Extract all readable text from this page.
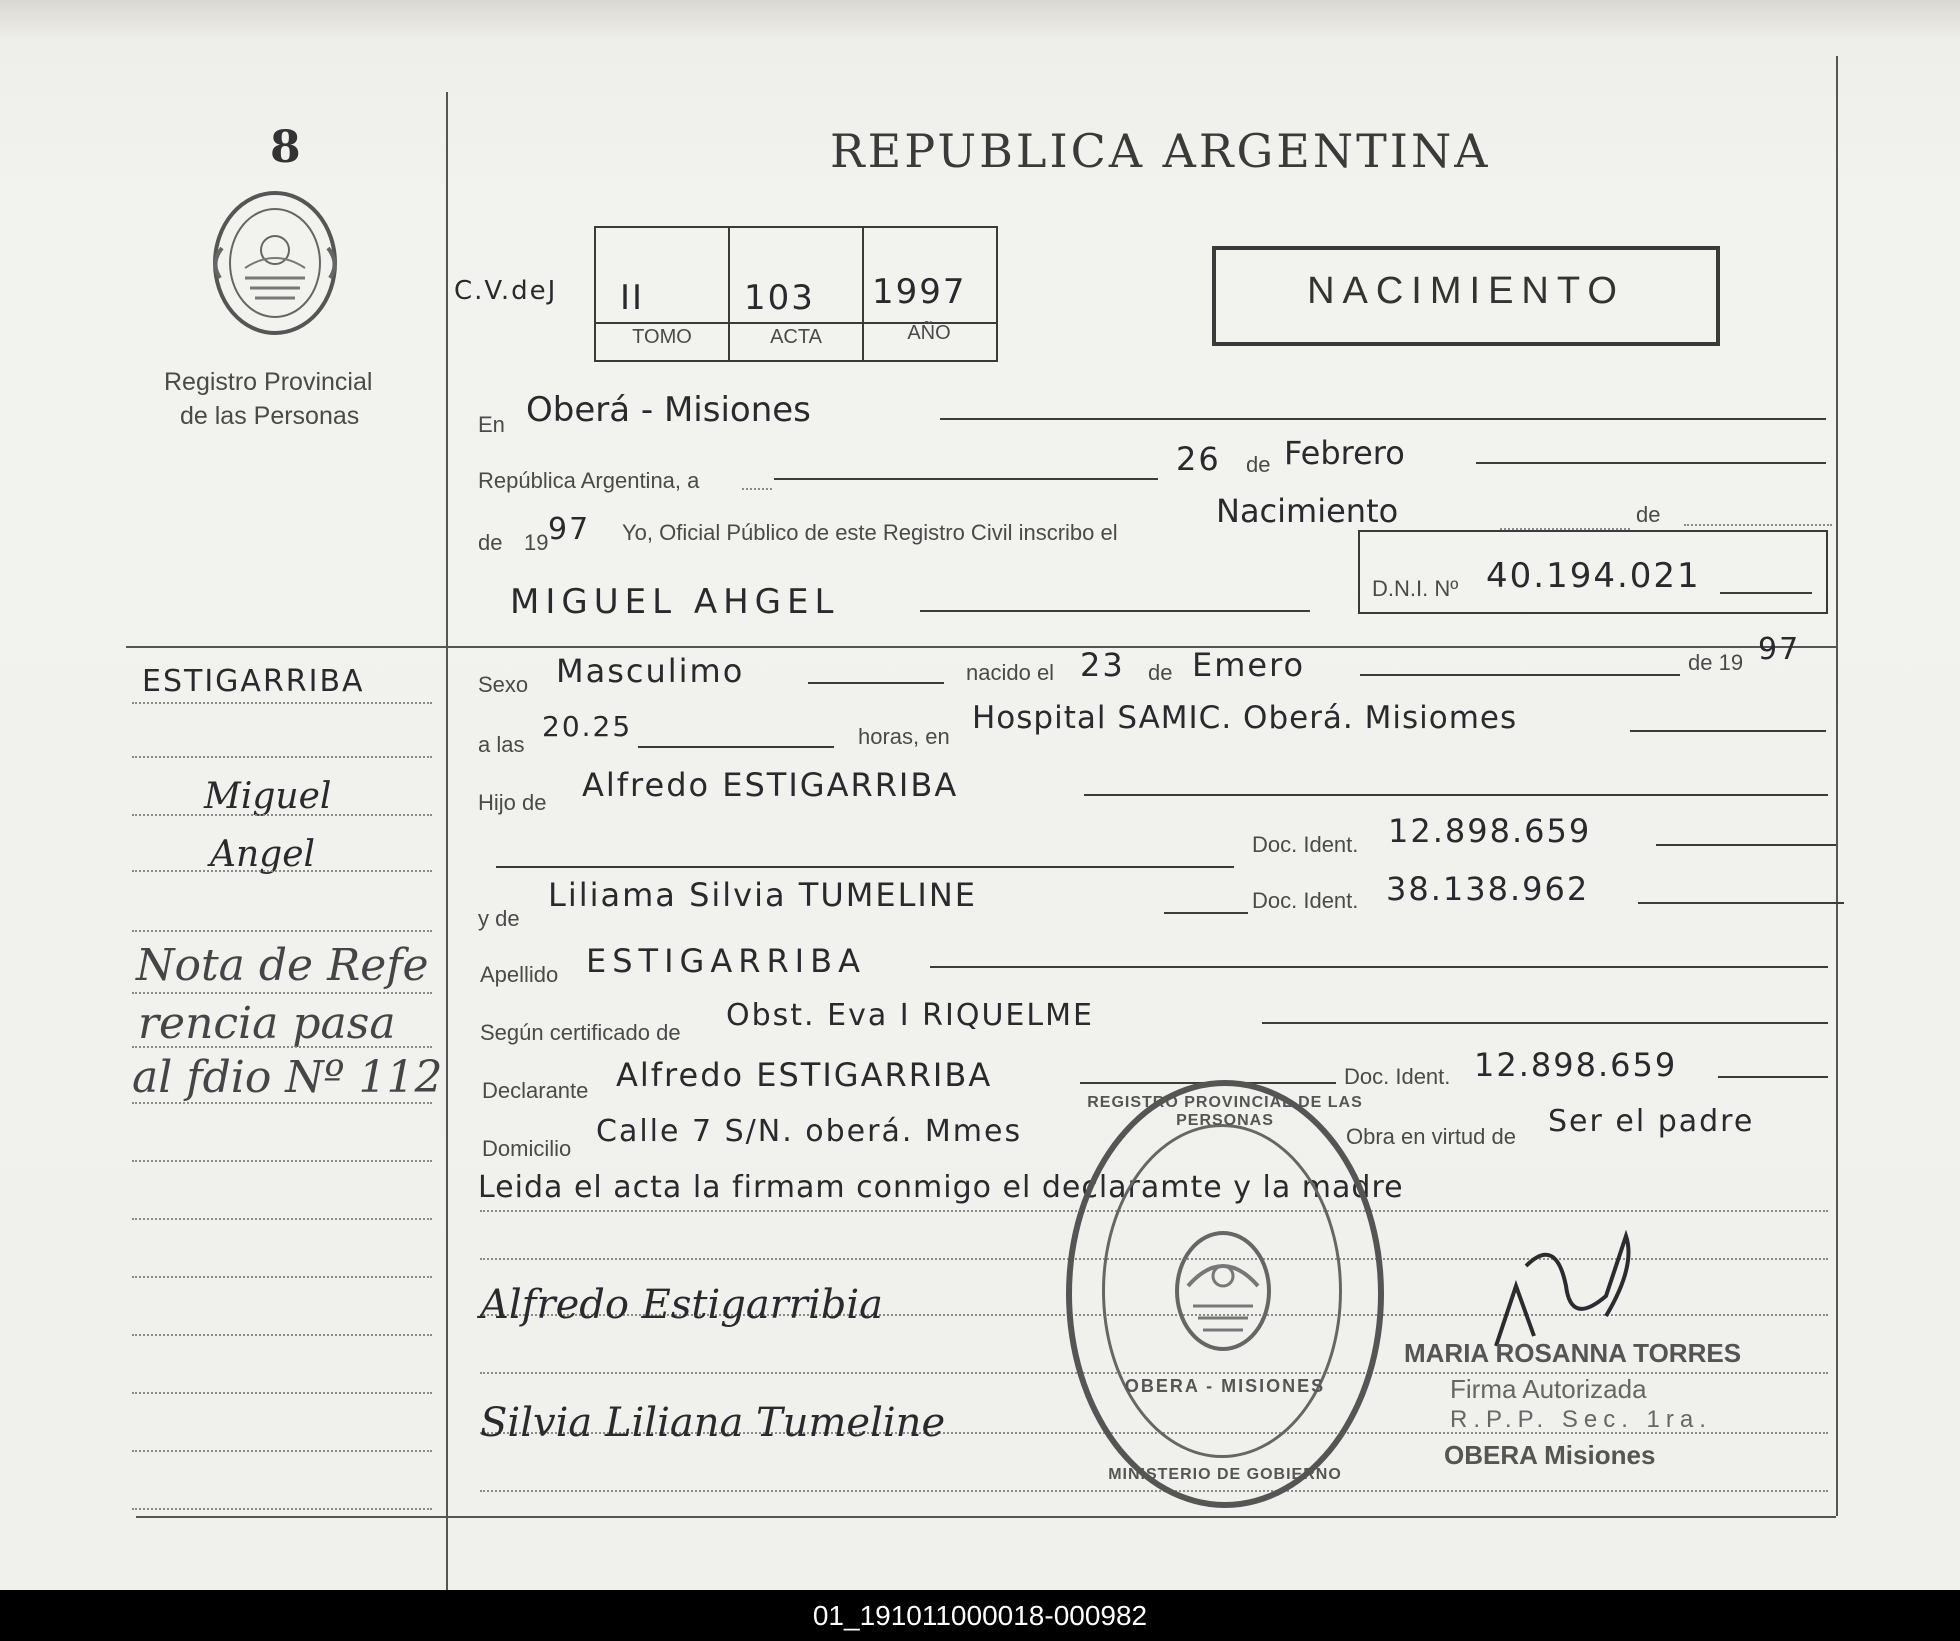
8
Registro Provincial
de las Personas
REPUBLICA ARGENTINA
C.V.deJ II	103 1997
TOMO	ACTA	AÑO
NACIMIENTO
En Oberá - Misiones
República Argentina, a
26 de Febrero
de 19 97 Yo, Oficial Público de este Registro Civil inscribo el
Nacimiento	de
MIGUEL AHGEL	D.N.I. Nº 40.194.021
Sexo Masculimo	nacido el 23 de Emero	de 19 97
a las
20.25	horas, en
Hospital SAMIC. Oberá. Misiomes
Hijo de Alfredo ESTIGARRIBA
Doc. Ident. 12.898.659
y de
Liliama Silvia TUMELINE	Doc. Ident. 38.138.962
Apellido ESTIGARRIBA
Según certificado de Obst. Eva I RIQUELME
Declarante Alfredo ESTIGARRIBA	Doc. Ident. 12.898.659
Domicilio Calle 7 S/N. oberá. Mmes	Obra en virtud de Ser el padre
Leida el acta la firmam conmigo el declaramte y la madre
Alfredo Estigarribia
Silvia Liliana Tumeline
ESTIGARRIBA
Miguel
Angel
Nota de Refe
rencia pasa
al fdio Nº 112	REGISTRO PROVINCIAL DE LAS PERSONAS
OBERA - MISIONES
MINISTERIO DE GOBIERNO
MARIA ROSANNA TORRES
Firma Autorizada
R.P.P. Sec. 1ra.
OBERA Misiones
01_191011000018-000982
